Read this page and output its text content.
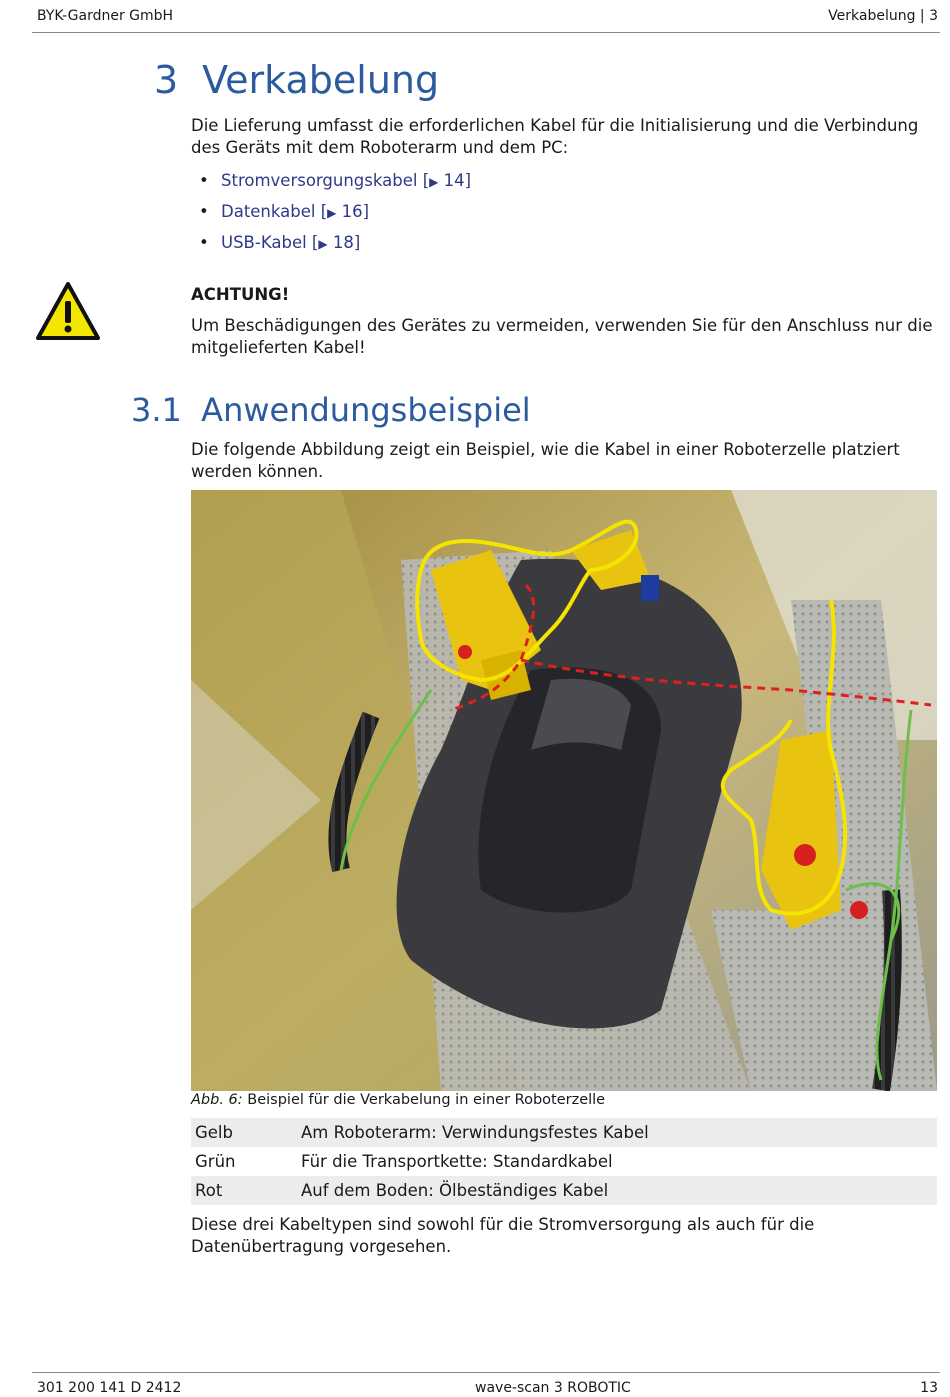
BYK-Gardner GmbH	Verkabelung | 3
3 Verkabelung
Die Lieferung umfasst die erforderlichen Kabel für die Initialisierung und die Verbindung des Geräts mit dem Roboterarm und dem PC:
• Stromversorgungskabel [▶ 14]
• Datenkabel [▶ 16]
• USB-Kabel [▶ 18]
ACHTUNG!
Um Beschädigungen des Gerätes zu vermeiden, verwenden Sie für den Anschluss nur die mitgelieferten Kabel!
3.1 Anwendungsbeispiel
Die folgende Abbildung zeigt ein Beispiel, wie die Kabel in einer Roboterzelle platziert werden können.
Abb. 6: Beispiel für die Verkabelung in einer Roboterzelle
Gelb	Am Roboterarm: Verwindungsfestes Kabel
Grün	Für die Transportkette: Standardkabel
Rot	Auf dem Boden: Ölbeständiges Kabel
Diese drei Kabeltypen sind sowohl für die Stromversorgung als auch für die Datenübertragung vorgesehen.
301 200 141 D 2412	wave-scan 3 ROBOTIC	13
